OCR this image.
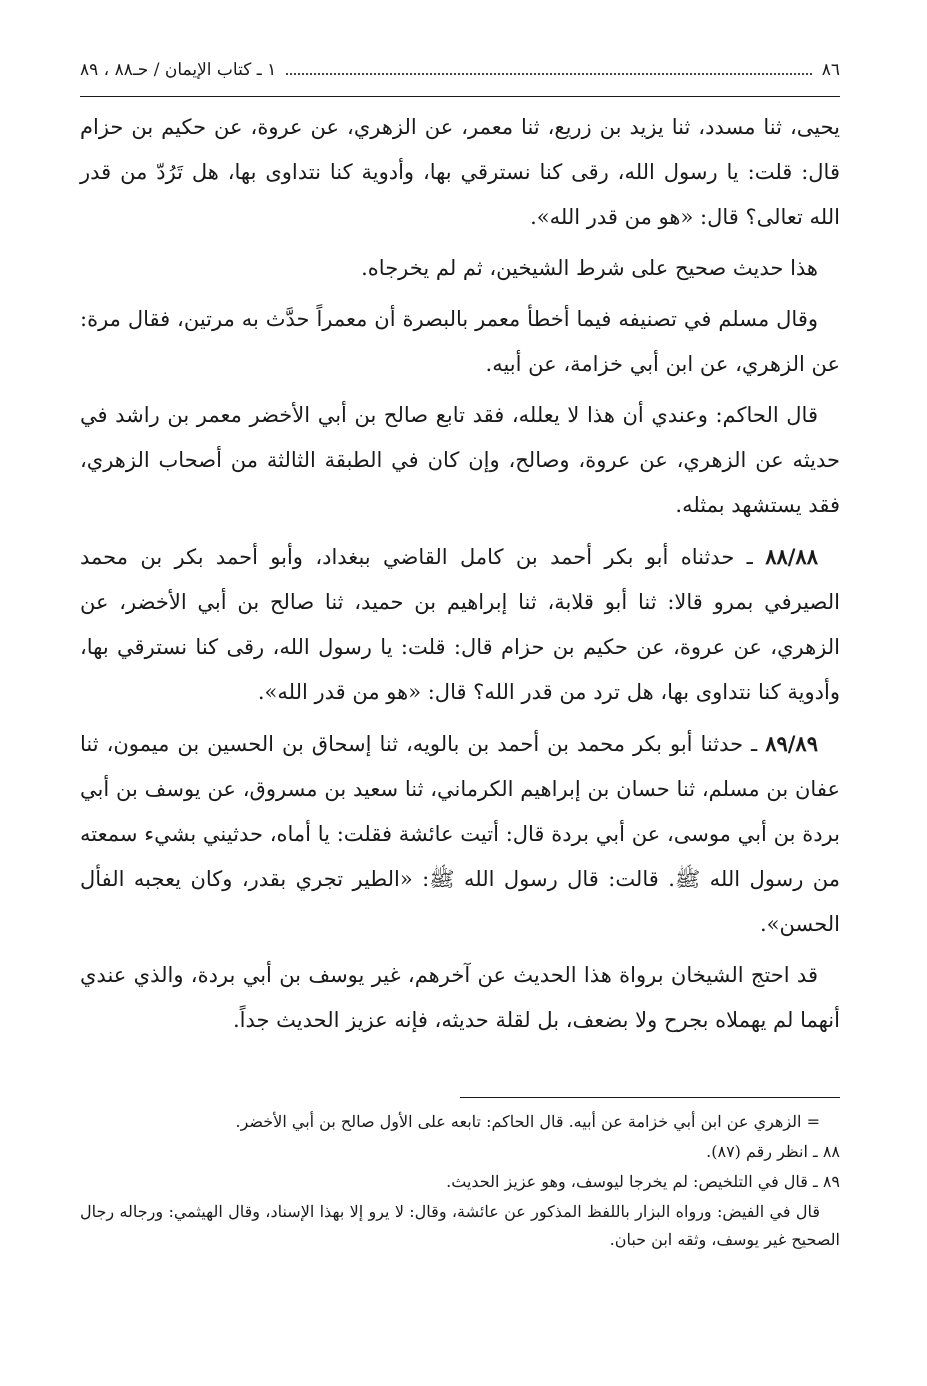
٨٦
١ ـ كتاب الإيمان / حـ٨٨ ، ٨٩

يحيى، ثنا مسدد، ثنا يزيد بن زريع، ثنا معمر، عن الزهري، عن عروة، عن حكيم بن حزام قال: قلت: يا رسول الله، رقى كنا نسترقي بها، وأدوية كنا نتداوى بها، هل تَرُدّ من قدر الله تعالى؟ قال: «هو من قدر الله».

هذا حديث صحيح على شرط الشيخين، ثم لم يخرجاه.

وقال مسلم في تصنيفه فيما أخطأ معمر بالبصرة أن معمراً حدَّث به مرتين، فقال مرة: عن الزهري، عن ابن أبي خزامة، عن أبيه.

قال الحاكم: وعندي أن هذا لا يعلله، فقد تابع صالح بن أبي الأخضر معمر بن راشد في حديثه عن الزهري، عن عروة، وصالح، وإن كان في الطبقة الثالثة من أصحاب الزهري، فقد يستشهد بمثله.

٨٨/٨٨ ـ حدثناه أبو بكر أحمد بن كامل القاضي ببغداد، وأبو أحمد بكر بن محمد الصيرفي بمرو قالا: ثنا أبو قلابة، ثنا إبراهيم بن حميد، ثنا صالح بن أبي الأخضر، عن الزهري، عن عروة، عن حكيم بن حزام قال: قلت: يا رسول الله، رقى كنا نسترقي بها، وأدوية كنا نتداوى بها، هل ترد من قدر الله؟ قال: «هو من قدر الله».

٨٩/٨٩ ـ حدثنا أبو بكر محمد بن أحمد بن بالويه، ثنا إسحاق بن الحسين بن ميمون، ثنا عفان بن مسلم، ثنا حسان بن إبراهيم الكرماني، ثنا سعيد بن مسروق، عن يوسف بن أبي بردة بن أبي موسى، عن أبي بردة قال: أتيت عائشة فقلت: يا أماه، حدثيني بشيء سمعته من رسول الله ﷺ. قالت: قال رسول الله ﷺ: «الطير تجري بقدر، وكان يعجبه الفأل الحسن».

قد احتج الشيخان برواة هذا الحديث عن آخرهم، غير يوسف بن أبي بردة، والذي عندي أنهما لم يهملاه بجرح ولا بضعف، بل لقلة حديثه، فإنه عزيز الحديث جداً.

= الزهري عن ابن أبي خزامة عن أبيه. قال الحاكم: تابعه على الأول صالح بن أبي الأخضر.

٨٨ ـ انظر رقم (٨٧).

٨٩ ـ قال في التلخيص: لم يخرجا ليوسف، وهو عزيز الحديث.

قال في الفيض: ورواه البزار باللفظ المذكور عن عائشة، وقال: لا يرو إلا بهذا الإسناد، وقال الهيثمي: ورجاله رجال الصحيح غير يوسف، وثقه ابن حبان.
